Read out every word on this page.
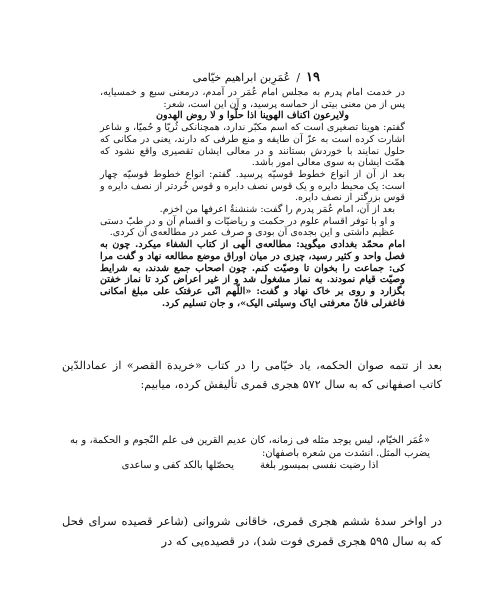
۱۹
/
عُمَرِبن ابراهیم خیّامی

در خدمت امام پدرم به مجلس امام عُمَر در آمدم، درمعنی سبع و خمسیایه، پس از من معنی بیتی از حماسه پرسید، و آن این است، شعر:

ولایرعون اکناف الهوینا اذا حلّوا و لا روض الهدون

گفتم: هوینا تصغیری است که اسم مکبّر ندارد، همچنانکی ثُریّا و حُمیّا، و شاعر اشارت کرده است به عزّ آن طایفه و منع طرفی که دارند، یعنی در مکانی که حلول نمایند با خوردش بستانند و در معالی ایشان تقصیری واقع نشود که همّت ایشان به سوی معالی امور باشد.

بعد از آن از انواع خطوط قوسیّه پرسید. گفتم: انواع خطوط قوسیّه چهار است: یک محیط دایره و یک قوس نصف دایره و قوس خُردتر از نصف دایره و قوس بزرگتر از نصف دایره.

بعد از آن، امام عُمَر پدرم را گفت: شنشنةٌ اعرفها من اخزم.

و او با توفر اقسام علوم در حکمت و ریاضیّات و اقسام آن و در طبّ دستی عظیم داشتی و این بجده‌ی آن بودی و صرف عمر در مطالعه‌ی آن کردی.

امام محمّد بغدادی میگوید: مطالعه‌ی الٰهی از کتاب الشفاء میکرد. چون به فصل واحد و کثیر رسید، چیزی در میان اوراق موضع مطالعه نهاد و گفت مرا کی: جماعت را بخوان تا وصیّت کنم. چون اصحاب جمع شدند، به شرایط وصیّت قیام نمودند. به نماز مشغول شد و از غیر اعراض کرد تا نماز خفتن بگزارد و روی بر خاک نهاد و گفت: «اللّهم انّی عرفتک علی مبلغ امکانی فاغفرلی فانّ معرفتی ایاک وسیلتی الیک»، و جان تسلیم کرد.

بعد از تتمه صوان الحکمه، یاد خیّامی را در کتاب «خریدة القصر» از عمادالدّین کاتب اصفهانی که به سال ۵۷۲ هجری قمری تألیفش کرده، میابیم:

«عُمَر الخیّام، لیس یوجد مثله فی زمانه، کان عدیم القرین فی علم النّجوم و الحکمة، و به یضرب المثل. انشدت من شعره باصفهان:

اذا رضیت نفسی بمیسور بلغة
یحصّلها بالکد کفی و ساعدی

در اواخر سدهٔ ششم هجری قمری، خاقانی شروانی (شاعر قصیده سرای فحل که به سال ۵۹۵ هجری قمری فوت شد)، در قصیده‌یی که در
